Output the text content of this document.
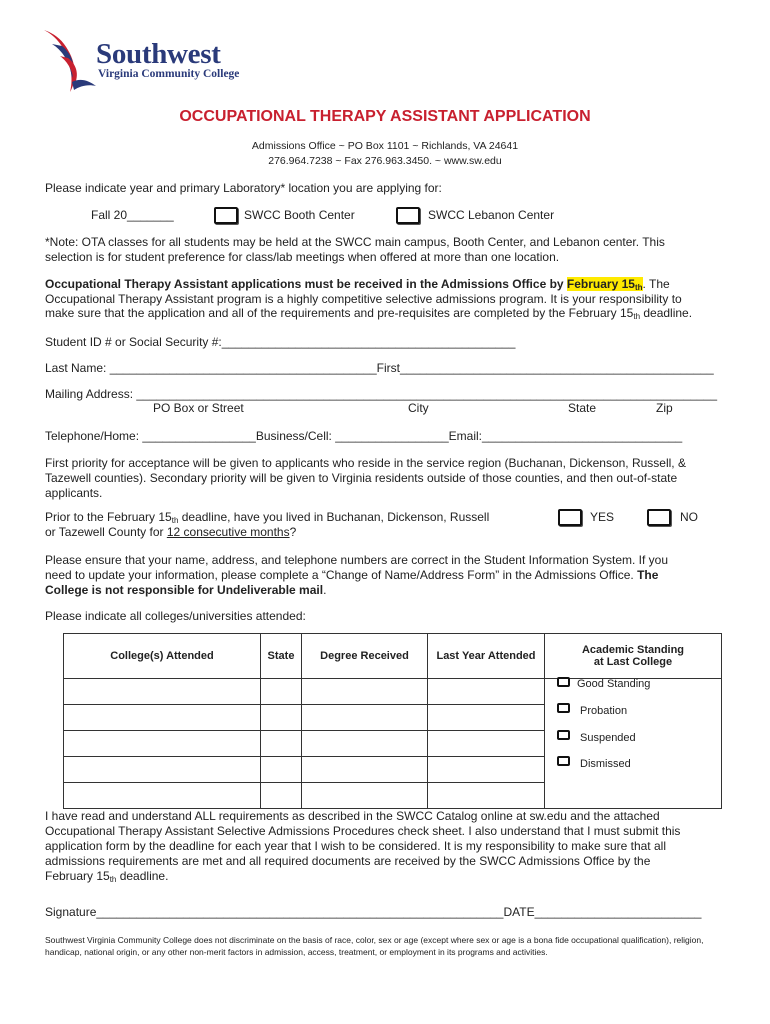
Southwest
Virginia Community College
OCCUPATIONAL THERAPY ASSISTANT APPLICATION
Admissions Office ~ PO Box 1101 ~ Richlands, VA 24641
276.964.7238 ~ Fax 276.963.3450. ~ www.sw.edu
Please indicate year and primary Laboratory* location you are applying for:
Fall 20_______	SWCC Booth Center	SWCC Lebanon Center
*Note: OTA classes for all students may be held at the SWCC main campus, Booth Center, and Lebanon center. This
selection is for student preference for class/lab meetings when offered at more than one location.
Occupational Therapy Assistant applications must be received in the Admissions Office by February $15_{th}$. The
Occupational Therapy Assistant program is a highly competitive selective admissions program. It is your responsibility to
make sure that the application and all of the requirements and pre-requisites are completed by the February $15_{th}$ deadline.
Student ID # or Social Security #:____________________________________________
Last Name: ________________________________________First_______________________________________________
Mailing Address: _______________________________________________________________________________________
PO Box or Street	City	State	Zip
Telephone/Home: _________________Business/Cell: _________________Email:______________________________
First priority for acceptance will be given to applicants who reside in the service region (Buchanan, Dickenson, Russell, &
Tazewell counties). Secondary priority will be given to Virginia residents outside of those counties, and then out-of-state
applicants.
Prior to the February $15_{th}$ deadline, have you lived in Buchanan, Dickenson, Russell
or Tazewell County for 12 consecutive months?
YES	NO
Please ensure that your name, address, and telephone numbers are correct in the Student Information System. If you
need to update your information, please complete a “Change of Name/Address Form” in the Admissions Office. The
College is not responsible for Undeliverable mail.
Please indicate all colleges/universities attended:
College(s) Attended	State	Degree Received	Last Year Attended	Academic Standing
at Last College

Good Standing
Probation
Suspended
Dismissed
I have read and understand ALL requirements as described in the SWCC Catalog online at sw.edu and the attached
Occupational Therapy Assistant Selective Admissions Procedures check sheet. I also understand that I must submit this
application form by the deadline for each year that I wish to be considered. It is my responsibility to make sure that all
admissions requirements are met and all required documents are received by the SWCC Admissions Office by the
February $15_{th}$ deadline.
Signature_____________________________________________________________DATE_________________________
Southwest Virginia Community College does not discriminate on the basis of race, color, sex or age (except where sex or age is a bona fide occupational qualification), religion, handicap, national origin, or any other non-merit factors in admission, access, treatment, or employment in its programs and activities.
